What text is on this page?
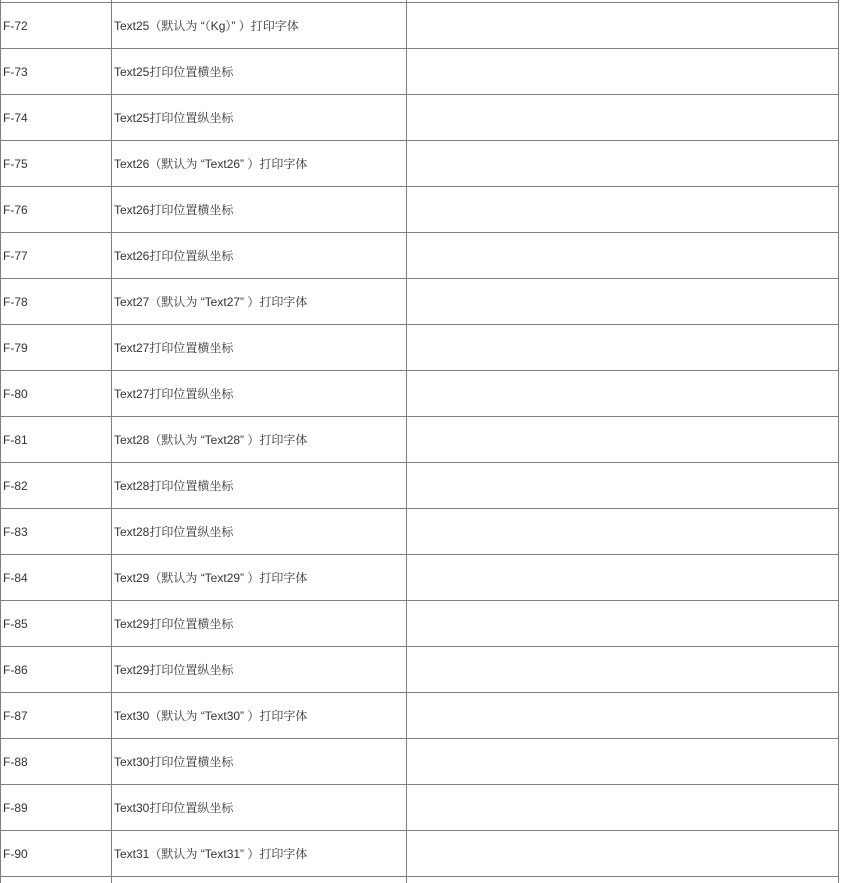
F-72	Text25（默认为 “（Kg）” ）打印字体	
F-73	Text25打印位置横坐标	
F-74	Text25打印位置纵坐标	
F-75	Text26（默认为 “Text26” ）打印字体	
F-76	Text26打印位置横坐标	
F-77	Text26打印位置纵坐标	
F-78	Text27（默认为 “Text27” ）打印字体	
F-79	Text27打印位置横坐标	
F-80	Text27打印位置纵坐标	
F-81	Text28（默认为 “Text28” ）打印字体	
F-82	Text28打印位置横坐标	
F-83	Text28打印位置纵坐标	
F-84	Text29（默认为 “Text29” ）打印字体	
F-85	Text29打印位置横坐标	
F-86	Text29打印位置纵坐标	
F-87	Text30（默认为 “Text30” ）打印字体	
F-88	Text30打印位置横坐标	
F-89	Text30打印位置纵坐标	
F-90	Text31（默认为 “Text31” ）打印字体	
